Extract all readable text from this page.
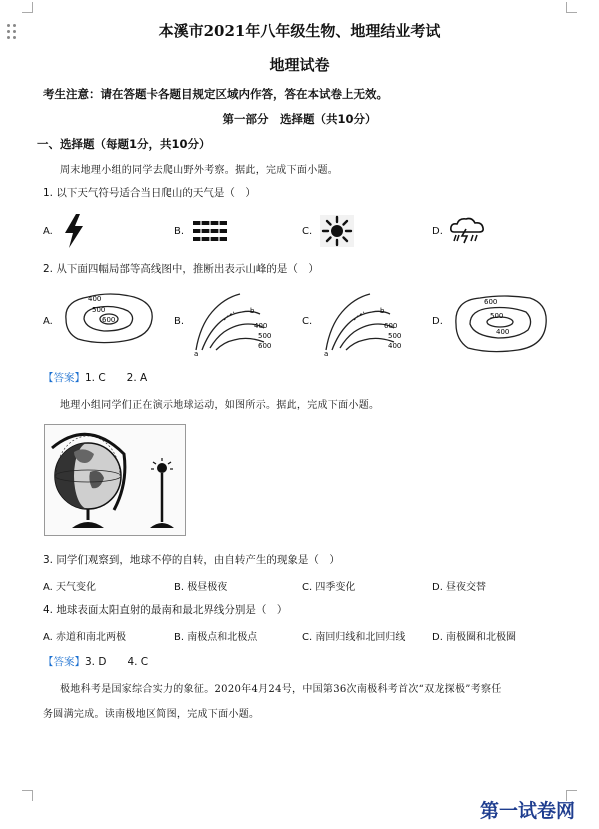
本溪市2021年八年级生物、地理结业考试
地理试卷
考生注意：请在答题卡各题目规定区域内作答，答在本试卷上无效。
第一部分　选择题（共10分）
一、选择题（每题1分，共10分）
周末地理小组的同学去爬山野外考察。据此，完成下面小题。
1. 以下天气符号适合当日爬山的天气是（　）
A.	B.	C.	D.
2. 从下面四幅局部等高线图中，推断出表示山峰的是（　）
A.
400
500
600	B.
b
400
500
600
a
C.
b
600
500
400
a
D.
600
500
400
【答案】1. C　　2. A
地理小组同学们正在演示地球运动，如图所示。据此，完成下面小题。
3. 同学们观察到，地球不停的自转，由自转产生的现象是（　）
A. 天气变化	B. 极昼极夜	C. 四季变化	D. 昼夜交替
4. 地球表面太阳直射的最南和最北界线分别是（　）
A. 赤道和南北两极	B. 南极点和北极点	C. 南回归线和北回归线	D. 南极圈和北极圈
【答案】3. D　　4. C
极地科考是国家综合实力的象征。2020年4月24号，中国第36次南极科考首次“双龙探极”考察任
务圆满完成。读南极地区简图，完成下面小题。
第一试卷网
